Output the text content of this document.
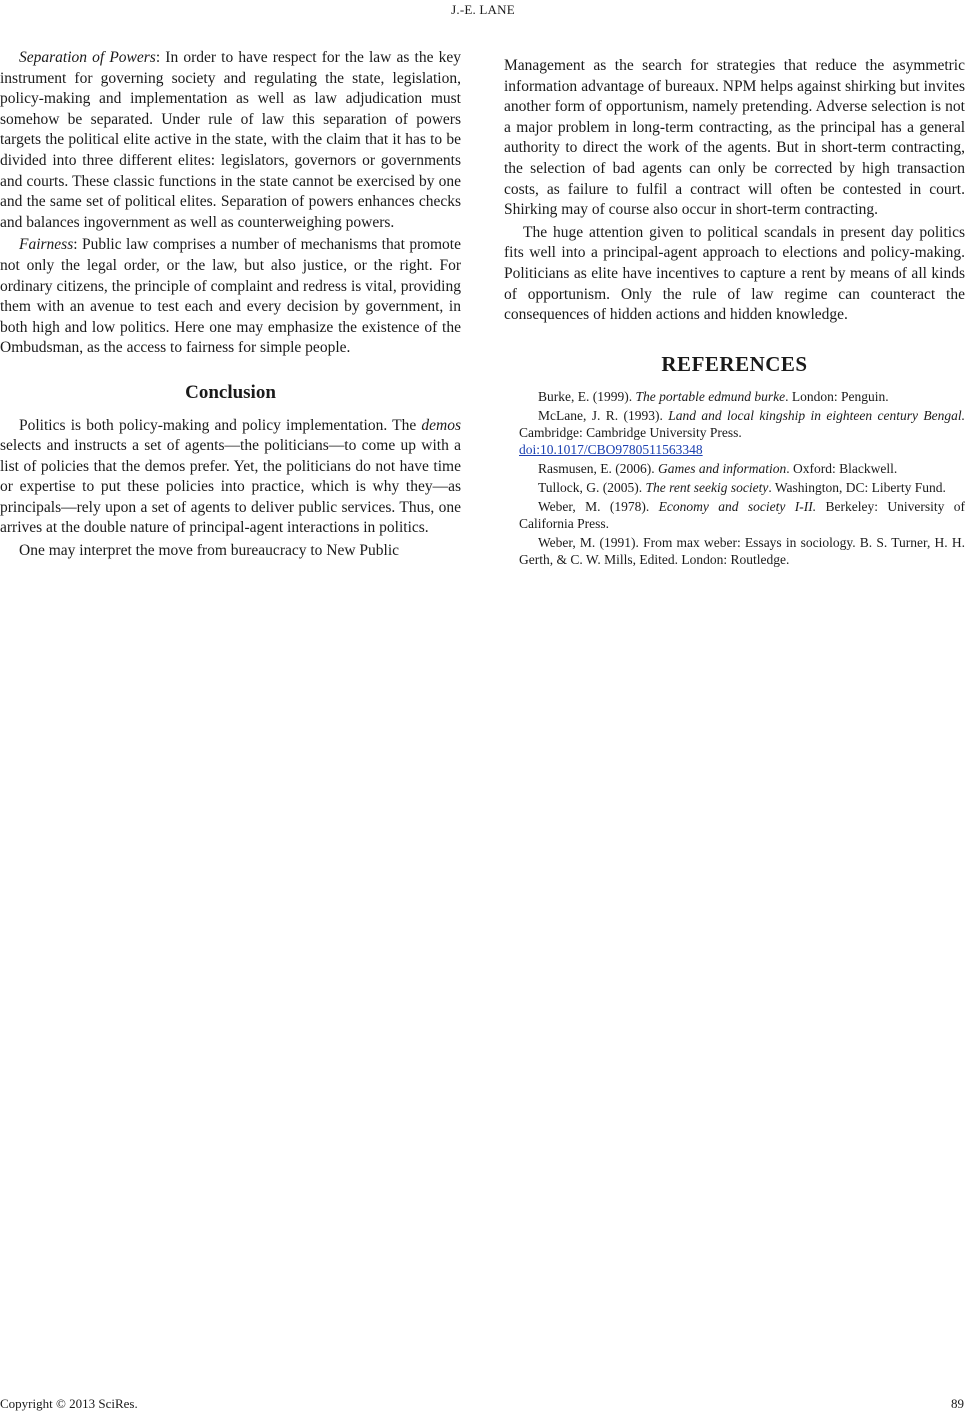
J.-E. LANE

Separation of Powers: In order to have respect for the law as the key instrument for governing society and regulating the state, legislation, policy-making and implementation as well as law adjudication must somehow be separated. Under rule of law this separation of powers targets the political elite active in the state, with the claim that it has to be divided into three different elites: legislators, governors or governments and courts. These classic functions in the state cannot be exercised by one and the same set of political elites. Separation of powers enhances checks and balances ingovernment as well as counterweighing powers.

Fairness: Public law comprises a number of mechanisms that promote not only the legal order, or the law, but also justice, or the right. For ordinary citizens, the principle of complaint and redress is vital, providing them with an avenue to test each and every decision by government, in both high and low politics. Here one may emphasize the existence of the Ombudsman, as the access to fairness for simple people.

Conclusion

Politics is both policy-making and policy implementation. The demos selects and instructs a set of agents—the politicians—to come up with a list of policies that the demos prefer. Yet, the politicians do not have time or expertise to put these policies into practice, which is why they—as principals—rely upon a set of agents to deliver public services. Thus, one arrives at the double nature of principal-agent interactions in politics.

One may interpret the move from bureaucracy to New Public

Management as the search for strategies that reduce the asymmetric information advantage of bureaux. NPM helps against shirking but invites another form of opportunism, namely pretending. Adverse selection is not a major problem in long-term contracting, as the principal has a general authority to direct the work of the agents. But in short-term contracting, the selection of bad agents can only be corrected by high transaction costs, as failure to fulfil a contract will often be contested in court. Shirking may of course also occur in short-term contracting.

The huge attention given to political scandals in present day politics fits well into a principal-agent approach to elections and policy-making. Politicians as elite have incentives to capture a rent by means of all kinds of opportunism. Only the rule of law regime can counteract the consequences of hidden actions and hidden knowledge.

REFERENCES

Burke, E. (1999). The portable edmund burke. London: Penguin.

McLane, J. R. (1993). Land and local kingship in eighteen century Bengal. Cambridge: Cambridge University Press.
doi:10.1017/CBO9780511563348

Rasmusen, E. (2006). Games and information. Oxford: Blackwell.

Tullock, G. (2005). The rent seekig society. Washington, DC: Liberty Fund.

Weber, M. (1978). Economy and society I-II. Berkeley: University of California Press.

Weber, M. (1991). From max weber: Essays in sociology. B. S. Turner, H. H. Gerth, & C. W. Mills, Edited. London: Routledge.

Copyright © 2013 SciRes.	89
